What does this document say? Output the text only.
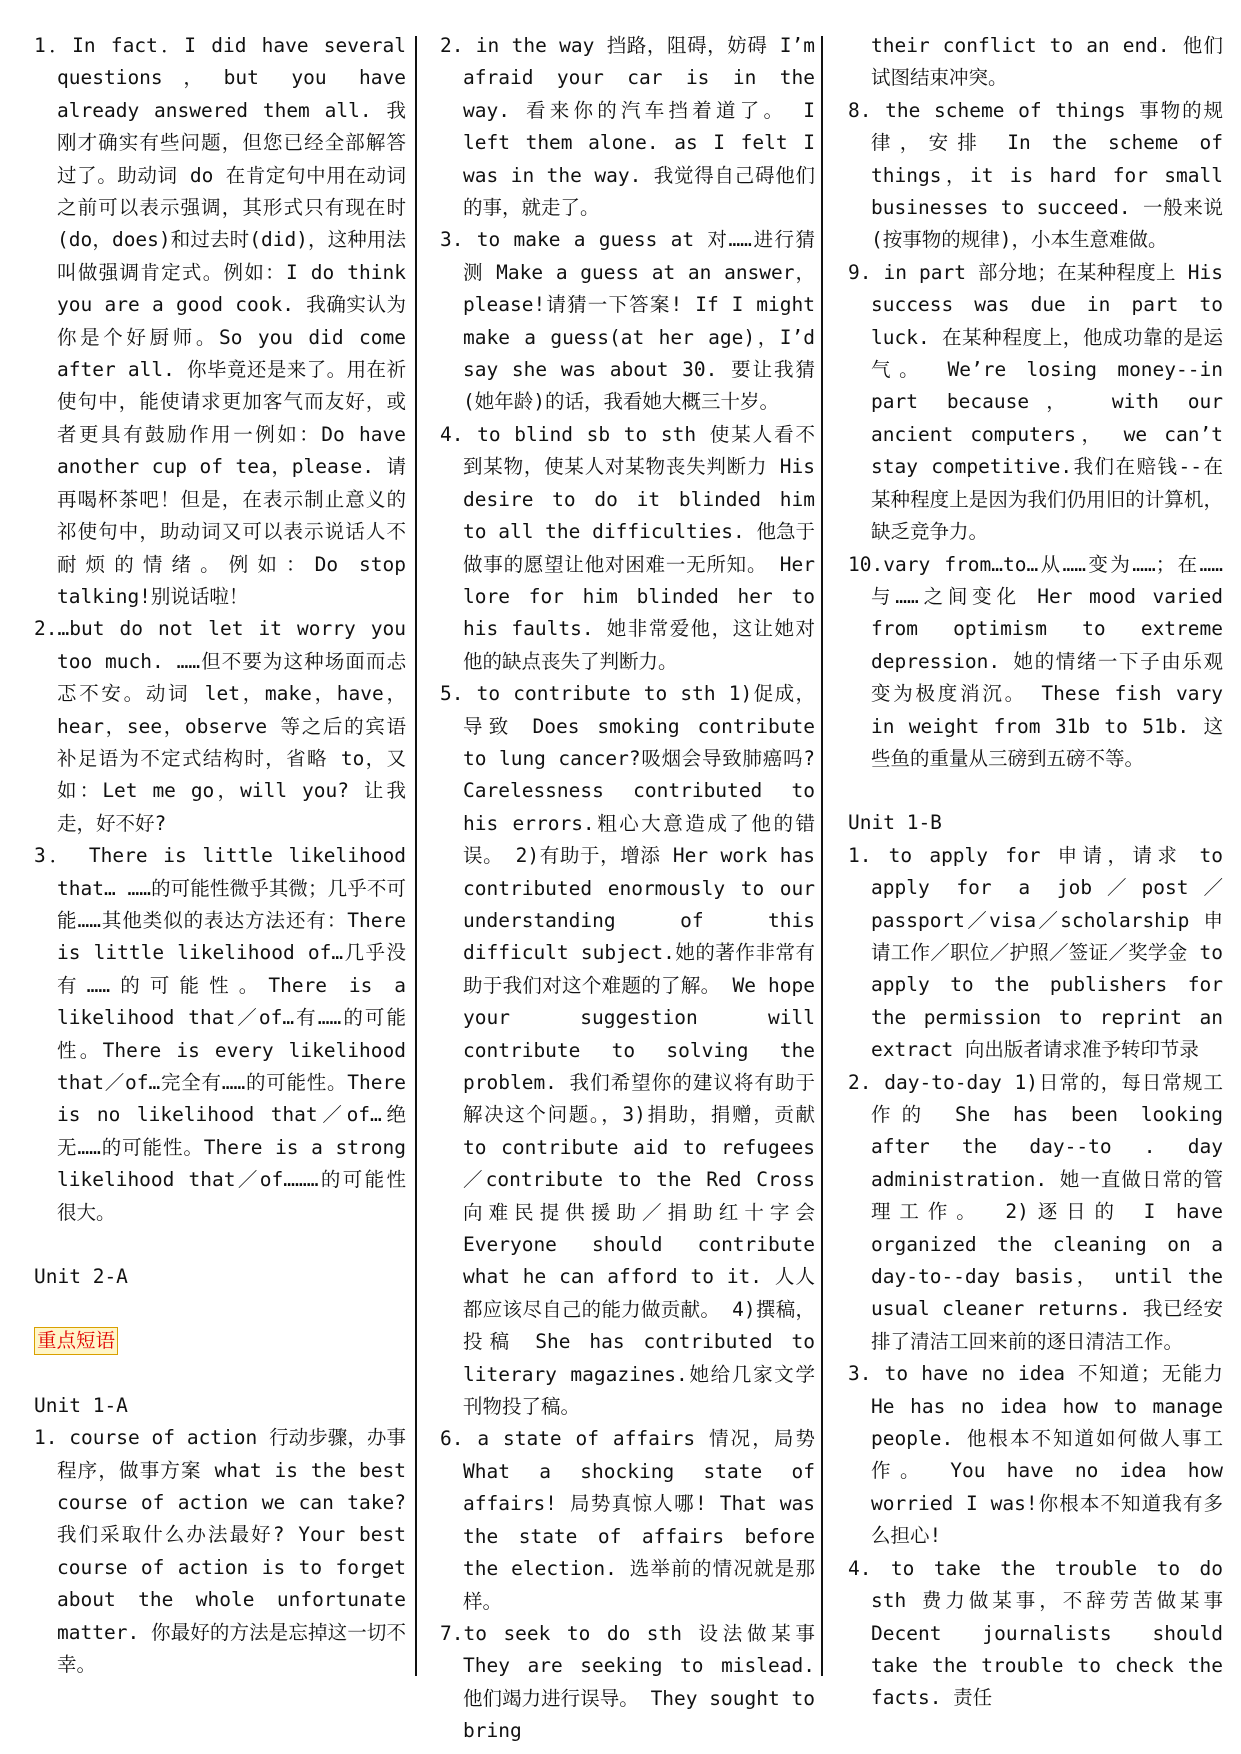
1．In fact．I did have several questions，but you have already answered them all. 我刚才确实有些问题，但您已经全部解答过了。助动词 do 在肯定句中用在动词之前可以表示强调，其形式只有现在时 (do，does)和过去时(did)，这种用法叫做强调肯定式。例如：I do think you are a good cook. 我确实认为你是个好厨师。So you did come after all. 你毕竟还是来了。用在祈使句中，能使请求更加客气而友好，或者更具有鼓励作用一例如：Do have another cup of tea，please. 请再喝杯茶吧！但是，在表示制止意义的祁使句中，助动词又可以表示说话人不耐烦的情绪。例如：Do stop talking!别说话啦！

2.…but do not let it worry you too much. ……但不要为这种场面而忐忑不安。动词 let，make，have，hear，see，observe 等之后的宾语补足语为不定式结构时，省略 to，又如：Let me go，will you? 让我走，好不好?

3． There is little likelihood that… ……的可能性微乎其微；几乎不可能……其他类似的表达方法还有：There is little likelihood of…几乎没有……的可能性。There is a likelihood that／of…有……的可能性。There is every likelihood that／of…完全有……的可能性。There is no likelihood that／of…绝无……的可能性。There is a strong likelihood that／of………的可能性很大。

Unit 2-A

重点短语

Unit 1-A

1. course of action 行动步骤，办事程序，做事方案 what is the best course of action we can take?我们采取什么办法最好? Your best course of action is to forget about the whole unfortunate matter. 你最好的方法是忘掉这一切不幸。

2. in the way 挡路，阻碍，妨碍 I’m afraid your car is in the way. 看来你的汽车挡着道了。 I left them alone. as I felt I was in the way. 我觉得自己碍他们的事，就走了。

3. to make a guess at 对……进行猜测 Make a guess at an answer，please!请猜一下答案! If I might make a guess(at her age)，I’d say she was about 30. 要让我猜(她年龄)的话，我看她大概三十岁。

4. to blind sb to sth 使某人看不到某物，使某人对某物丧失判断力 His desire to do it blinded him to all the difficulties. 他急于做事的愿望让他对困难一无所知。 Her lore for him blinded her to his faults. 她非常爱他，这让她对他的缺点丧失了判断力。

5. to contribute to sth 1)促成，导致 Does smoking contribute to lung cancer?吸烟会导致肺癌吗? Carelessness contributed to his errors.粗心大意造成了他的错误。 2)有助于，增添 Her work has contributed enormously to our understanding of this difficult subject.她的著作非常有助于我们对这个难题的了解。 We hope your suggestion will contribute to solving the problem. 我们希望你的建议将有助于解决这个问题。，3)捐助，捐赠，贡献 to contribute aid to refugees／contribute to the Red Cross 向难民提供援助／捐助红十字会 Everyone should contribute what he can afford to it. 人人都应该尽自己的能力做贡献。 4)撰稿，投稿 She has contributed to literary magazines.她给几家文学刊物投了稿。

6. a state of affairs 情况，局势 What a shocking state of affairs! 局势真惊人哪! That was the state of affairs before the election. 选举前的情况就是那样。

7.to seek to do sth 设法做某事 They are seeking to mislead. 他们竭力进行误导。 They sought to bring

their conflict to an end. 他们试图结束冲突。

8. the scheme of things 事物的规律，安排 In the scheme of things，it is hard for small businesses to succeed. 一般来说(按事物的规律)，小本生意难做。

9. in part 部分地；在某种程度上 His success was due in part to luck. 在某种程度上，他成功靠的是运气。 We’re losing money--in part because， with our ancient computers， we can’t stay competitive.我们在赔钱--在某种程度上是因为我们仍用旧的计算机，缺乏竞争力。

10.vary from…to…从……变为……；在……与……之间变化 Her mood varied from optimism to extreme depression. 她的情绪一下子由乐观变为极度消沉。 These fish vary in weight from 31b to 51b. 这些鱼的重量从三磅到五磅不等。

Unit 1-B

1. to apply for 申请，请求 to apply for a job／post／passport／visa／scholarship 申请工作／职位／护照／签证／奖学金 to apply to the publishers for the permission to reprint an extract 向出版者请求准予转印节录

2. day-to-day 1)日常的，每日常规工作的 She has been looking after the day--to . day administration. 她一直做日常的管理工作。 2)逐日的 I have organized the cleaning on a day-to--day basis， until the usual cleaner returns. 我已经安排了清洁工回来前的逐日清洁工作。

3. to have no idea 不知道；无能力 He has no idea how to manage people. 他根本不知道如何做人事工作。 You have no idea how worried I was!你根本不知道我有多么担心!

4. to take the trouble to do sth 费力做某事，不辞劳苦做某事 Decent journalists should take the trouble to check the facts. 责任
